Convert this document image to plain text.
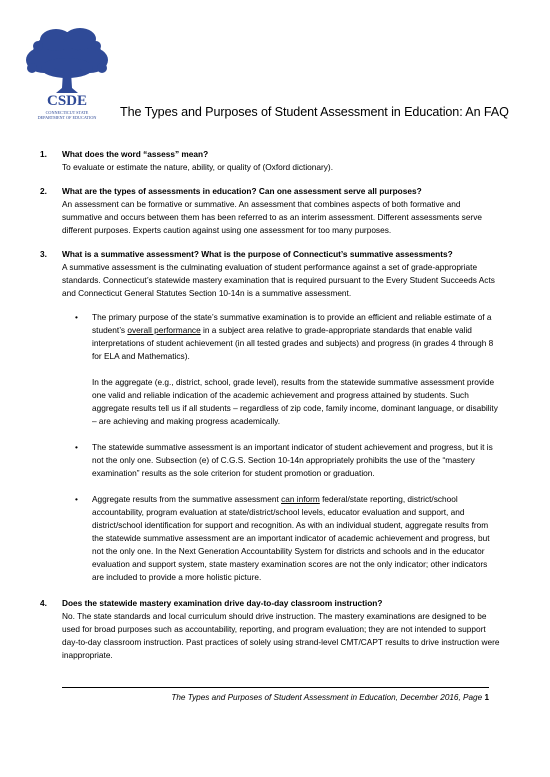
CSDE
CONNECTICUT STATE
DEPARTMENT OF EDUCATION The Types and Purposes of Student Assessment in Education: An FAQ
1. What does the word “assess” mean?
To evaluate or estimate the nature, ability, or quality of (Oxford dictionary).
2. What are the types of assessments in education? Can one assessment serve all purposes?
An assessment can be formative or summative. An assessment that combines aspects of both formative and summative and occurs between them has been referred to as an interim assessment. Different assessments serve different purposes. Experts caution against using one assessment for too many purposes.
3. What is a summative assessment? What is the purpose of Connecticut’s summative assessments?
A summative assessment is the culminating evaluation of student performance against a set of grade-appropriate standards. Connecticut’s statewide mastery examination that is required pursuant to the Every Student Succeeds Acts and Connecticut General Statutes Section 10-14n is a summative assessment.
• The primary purpose of the state’s summative examination is to provide an efficient and reliable estimate of a student’s overall performance in a subject area relative to grade-appropriate standards that enable valid interpretations of student achievement (in all tested grades and subjects) and progress (in grades 4 through 8 for ELA and Mathematics).

In the aggregate (e.g., district, school, grade level), results from the statewide summative assessment provide one valid and reliable indication of the academic achievement and progress attained by students. Such aggregate results tell us if all students – regardless of zip code, family income, dominant language, or disability – are achieving and making progress academically.

• The statewide summative assessment is an important indicator of student achievement and progress, but it is not the only one. Subsection (e) of C.G.S. Section 10-14n appropriately prohibits the use of the “mastery examination” results as the sole criterion for student promotion or graduation.

• Aggregate results from the summative assessment can inform federal/state reporting, district/school accountability, program evaluation at state/district/school levels, educator evaluation and support, and district/school identification for support and recognition. As with an individual student, aggregate results from the statewide summative assessment are an important indicator of academic achievement and progress, but not the only one. In the Next Generation Accountability System for districts and schools and in the educator evaluation and support system, state mastery examination scores are not the only indicator; other indicators are included to provide a more holistic picture.

4. Does the statewide mastery examination drive day-to-day classroom instruction?
No. The state standards and local curriculum should drive instruction. The mastery examinations are designed to be used for broad purposes such as accountability, reporting, and program evaluation; they are not intended to support day-to-day classroom instruction. Past practices of solely using strand-level CMT/CAPT results to drive instruction were inappropriate.
The Types and Purposes of Student Assessment in Education, December 2016, Page 1
